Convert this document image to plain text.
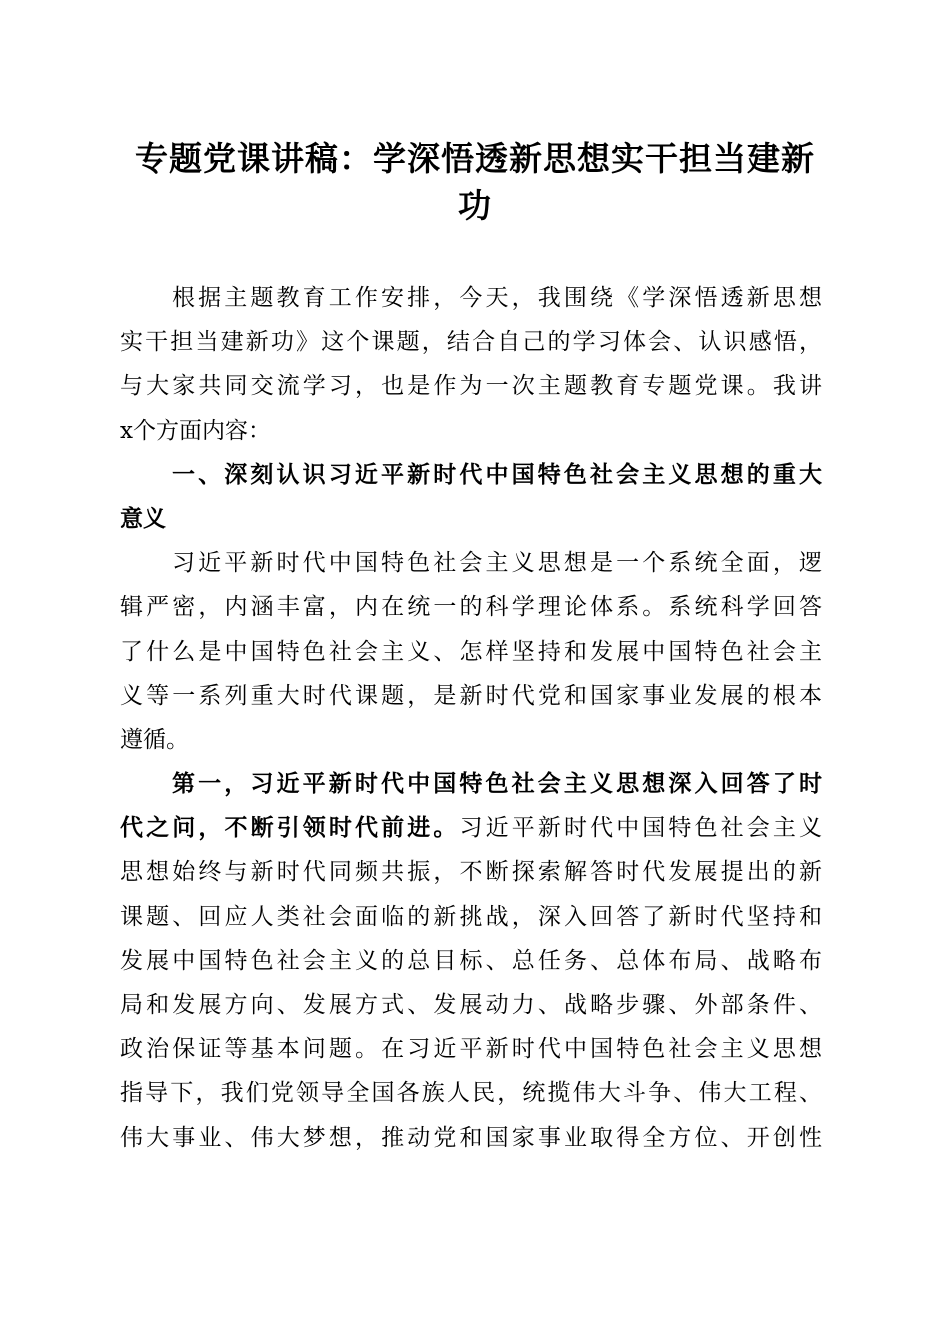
专题党课讲稿：学深悟透新思想实干担当建新
功
根据主题教育工作安排，今天，我围绕《学深悟透新思想
实干担当建新功》这个课题，结合自己的学习体会、认识感悟，
与大家共同交流学习，也是作为一次主题教育专题党课。我讲
x个方面内容：
一、深刻认识习近平新时代中国特色社会主义思想的重大
意义
习近平新时代中国特色社会主义思想是一个系统全面，逻
辑严密，内涵丰富，内在统一的科学理论体系。系统科学回答
了什么是中国特色社会主义、怎样坚持和发展中国特色社会主
义等一系列重大时代课题，是新时代党和国家事业发展的根本
遵循。
第一，习近平新时代中国特色社会主义思想深入回答了时
代之问，不断引领时代前进。习近平新时代中国特色社会主义
思想始终与新时代同频共振，不断探索解答时代发展提出的新
课题、回应人类社会面临的新挑战，深入回答了新时代坚持和
发展中国特色社会主义的总目标、总任务、总体布局、战略布
局和发展方向、发展方式、发展动力、战略步骤、外部条件、
政治保证等基本问题。在习近平新时代中国特色社会主义思想
指导下，我们党领导全国各族人民，统揽伟大斗争、伟大工程、
伟大事业、伟大梦想，推动党和国家事业取得全方位、开创性
